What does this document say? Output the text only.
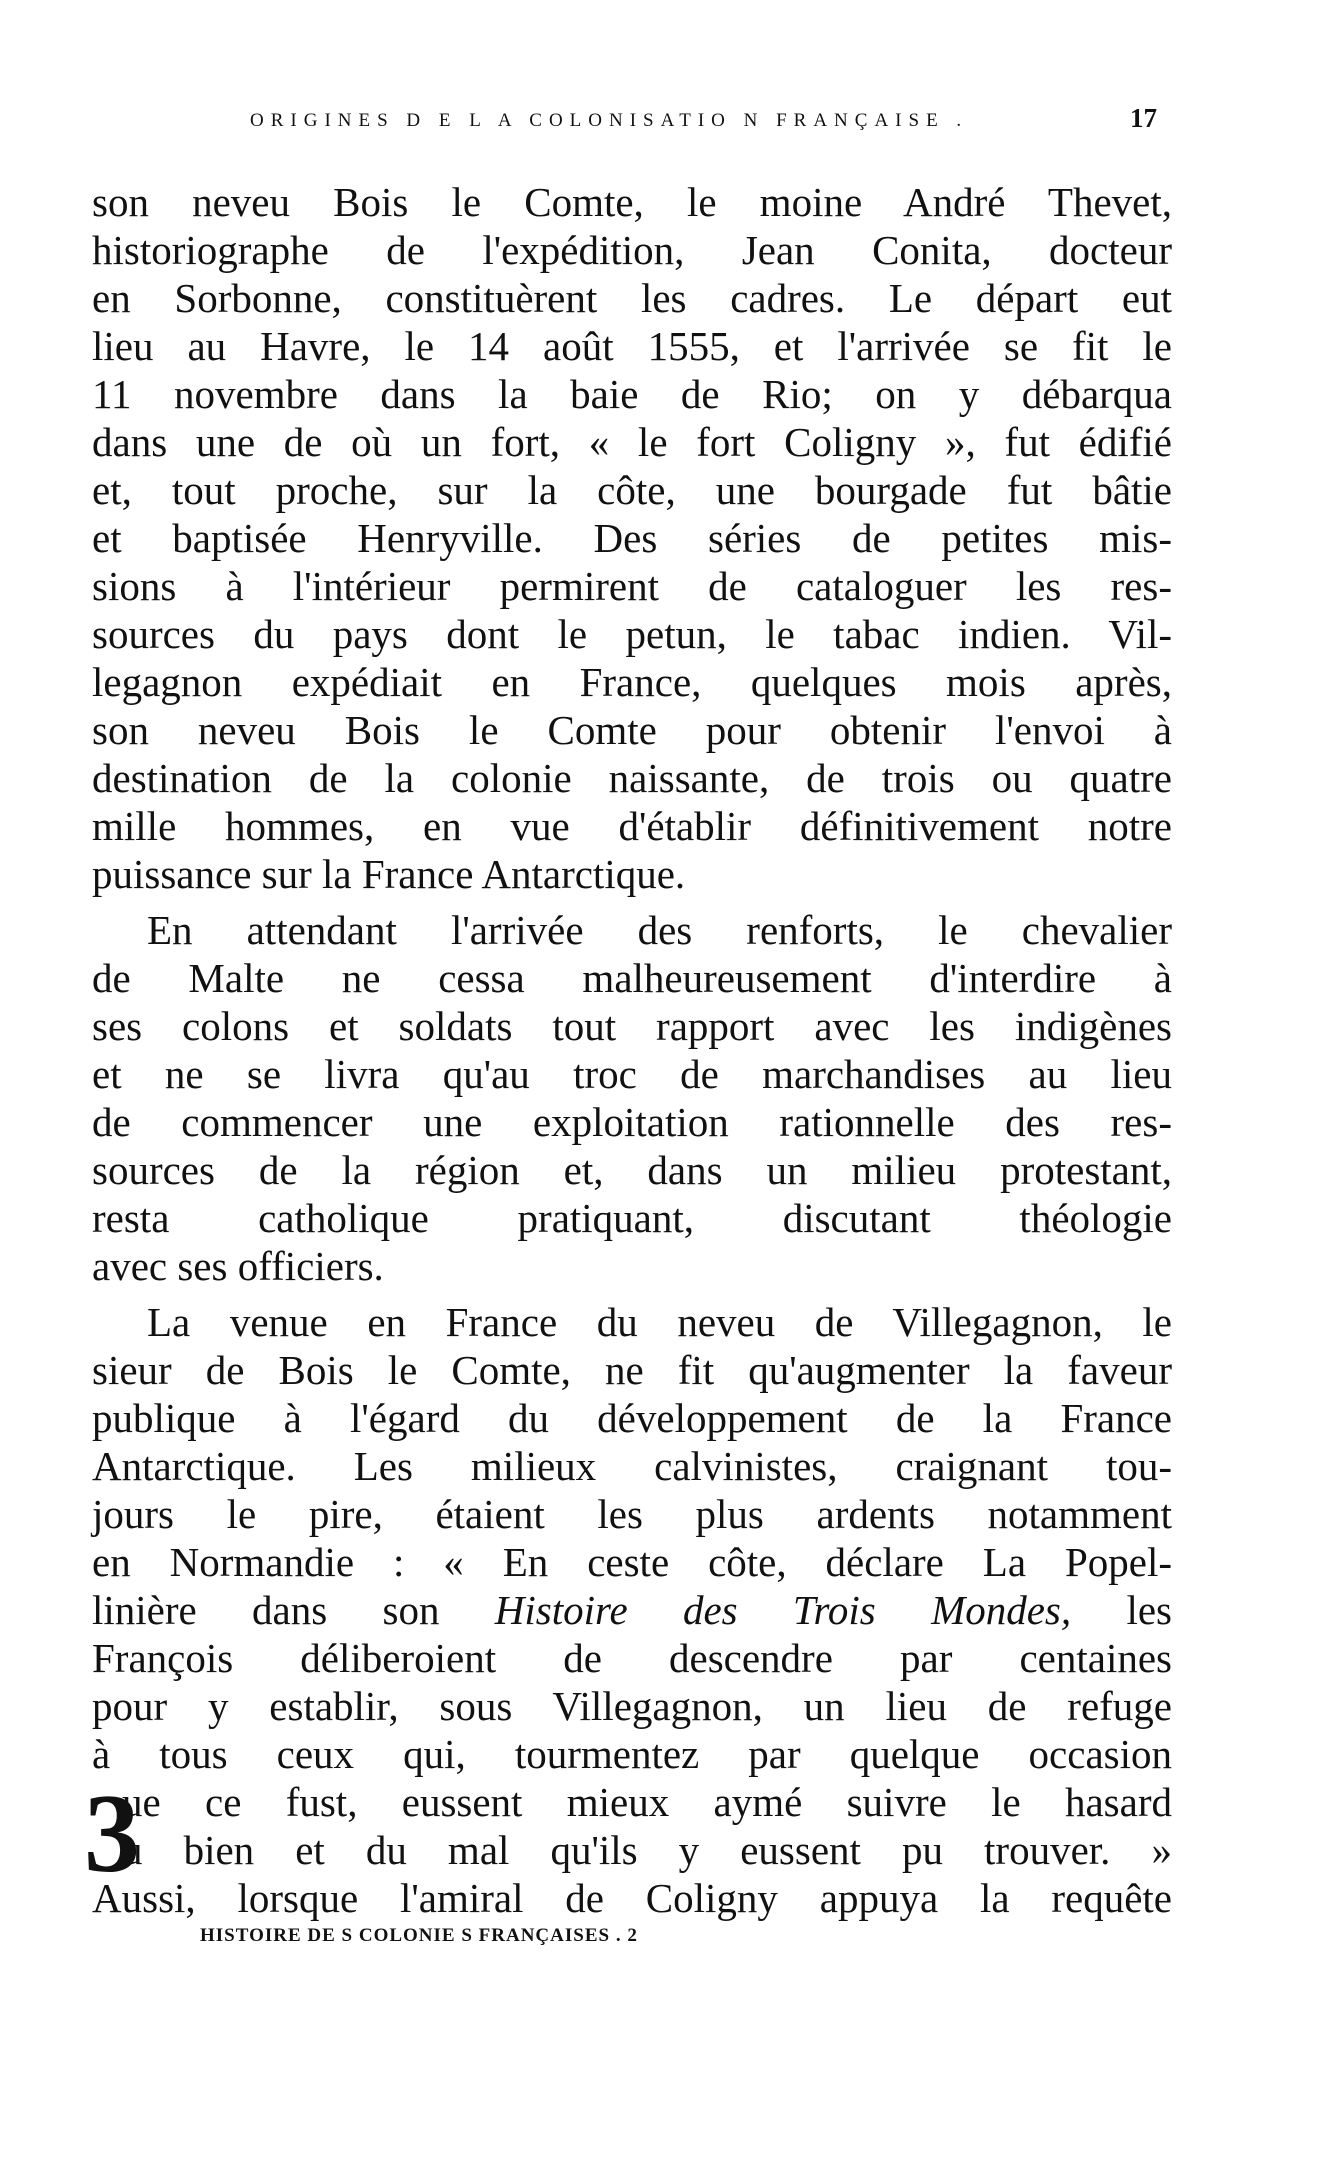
ORIGINES D E L A COLONISATIO N FRANÇAISE .	17
son neveu Bois le Comte, le moine André Thevet,
historiographe de l'expédition, Jean Conita, docteur
en Sorbonne, constituèrent les cadres. Le départ eut
lieu au Havre, le 14 août 1555, et l'arrivée se fit le
11 novembre dans la baie de Rio; on y débarqua
dans une de où un fort, « le fort Coligny », fut édifié
et, tout proche, sur la côte, une bourgade fut bâtie
et baptisée Henryville. Des séries de petites mis-
sions à l'intérieur permirent de cataloguer les res-
sources du pays dont le petun, le tabac indien. Vil-
legagnon expédiait en France, quelques mois après,
son neveu Bois le Comte pour obtenir l'envoi à
destination de la colonie naissante, de trois ou quatre
mille hommes, en vue d'établir définitivement notre
puissance sur la France Antarctique.
En attendant l'arrivée des renforts, le chevalier
de Malte ne cessa malheureusement d'interdire à
ses colons et soldats tout rapport avec les indigènes
et ne se livra qu'au troc de marchandises au lieu
de commencer une exploitation rationnelle des res-
sources de la région et, dans un milieu protestant,
resta catholique pratiquant, discutant théologie
avec ses officiers.
La venue en France du neveu de Villegagnon, le
sieur de Bois le Comte, ne fit qu'augmenter la faveur
publique à l'égard du développement de la France
Antarctique. Les milieux calvinistes, craignant tou-
jours le pire, étaient les plus ardents notamment
en Normandie : « En ceste côte, déclare La Popel-
linière dans son Histoire des Trois Mondes, les
François déliberoient de descendre par centaines
pour y establir, sous Villegagnon, un lieu de refuge
à tous ceux qui, tourmentez par quelque occasion
3
ue ce fust, eussent mieux aymé suivre le hasard
u bien et du mal qu'ils y eussent pu trouver. »
Aussi, lorsque l'amiral de Coligny appuya la requête
HISTOIRE DE S COLONIE S FRANÇAISES . 2
